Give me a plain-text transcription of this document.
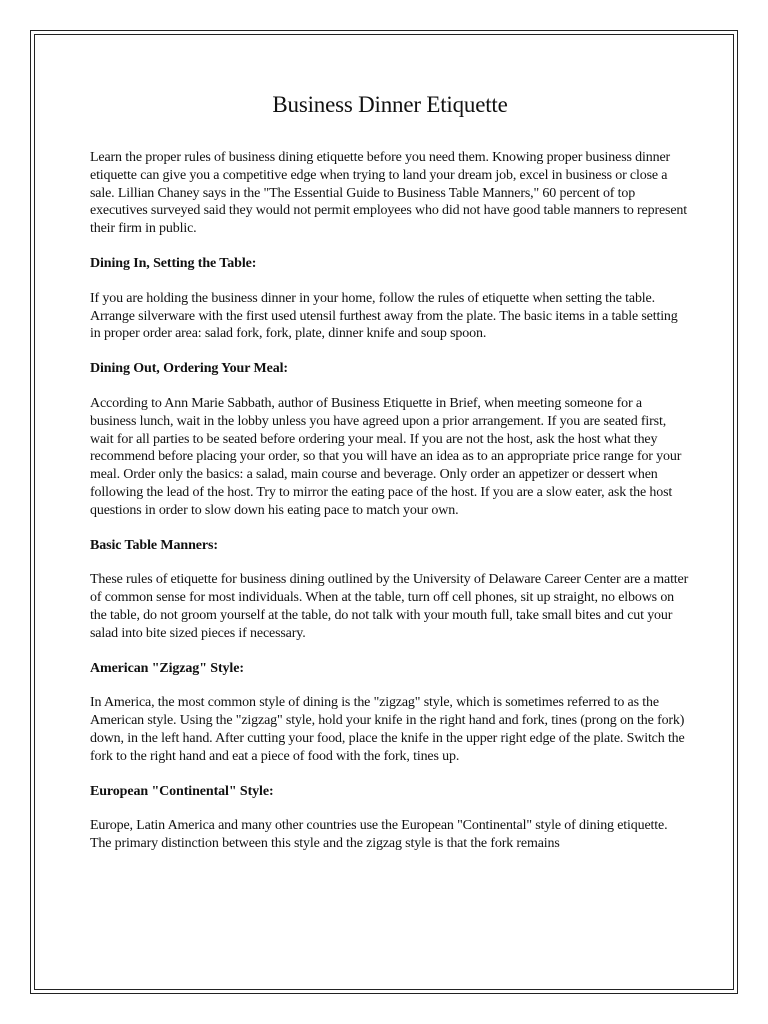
Business Dinner Etiquette

Learn the proper rules of business dining etiquette before you need them. Knowing proper business dinner etiquette can give you a competitive edge when trying to land your dream job, excel in business or close a sale. Lillian Chaney says in the "The Essential Guide to Business Table Manners," 60 percent of top executives surveyed said they would not permit employees who did not have good table manners to represent their firm in public.

Dining In, Setting the Table:

If you are holding the business dinner in your home, follow the rules of etiquette when setting the table. Arrange silverware with the first used utensil furthest away from the plate. The basic items in a table setting in proper order area: salad fork, fork, plate, dinner knife and soup spoon.

Dining Out, Ordering Your Meal:

According to Ann Marie Sabbath, author of Business Etiquette in Brief, when meeting someone for a business lunch, wait in the lobby unless you have agreed upon a prior arrangement. If you are seated first, wait for all parties to be seated before ordering your meal. If you are not the host, ask the host what they recommend before placing your order, so that you will have an idea as to an appropriate price range for your meal. Order only the basics: a salad, main course and beverage. Only order an appetizer or dessert when following the lead of the host. Try to mirror the eating pace of the host. If you are a slow eater, ask the host questions in order to slow down his eating pace to match your own.

Basic Table Manners:

These rules of etiquette for business dining outlined by the University of Delaware Career Center are a matter of common sense for most individuals. When at the table, turn off cell phones, sit up straight, no elbows on the table, do not groom yourself at the table, do not talk with your mouth full, take small bites and cut your salad into bite sized pieces if necessary.

American "Zigzag" Style:

In America, the most common style of dining is the "zigzag" style, which is sometimes referred to as the American style. Using the "zigzag" style, hold your knife in the right hand and fork, tines (prong on the fork) down, in the left hand. After cutting your food, place the knife in the upper right edge of the plate. Switch the fork to the right hand and eat a piece of food with the fork, tines up.

European "Continental" Style:

Europe, Latin America and many other countries use the European "Continental" style of dining etiquette. The primary distinction between this style and the zigzag style is that the fork remains
